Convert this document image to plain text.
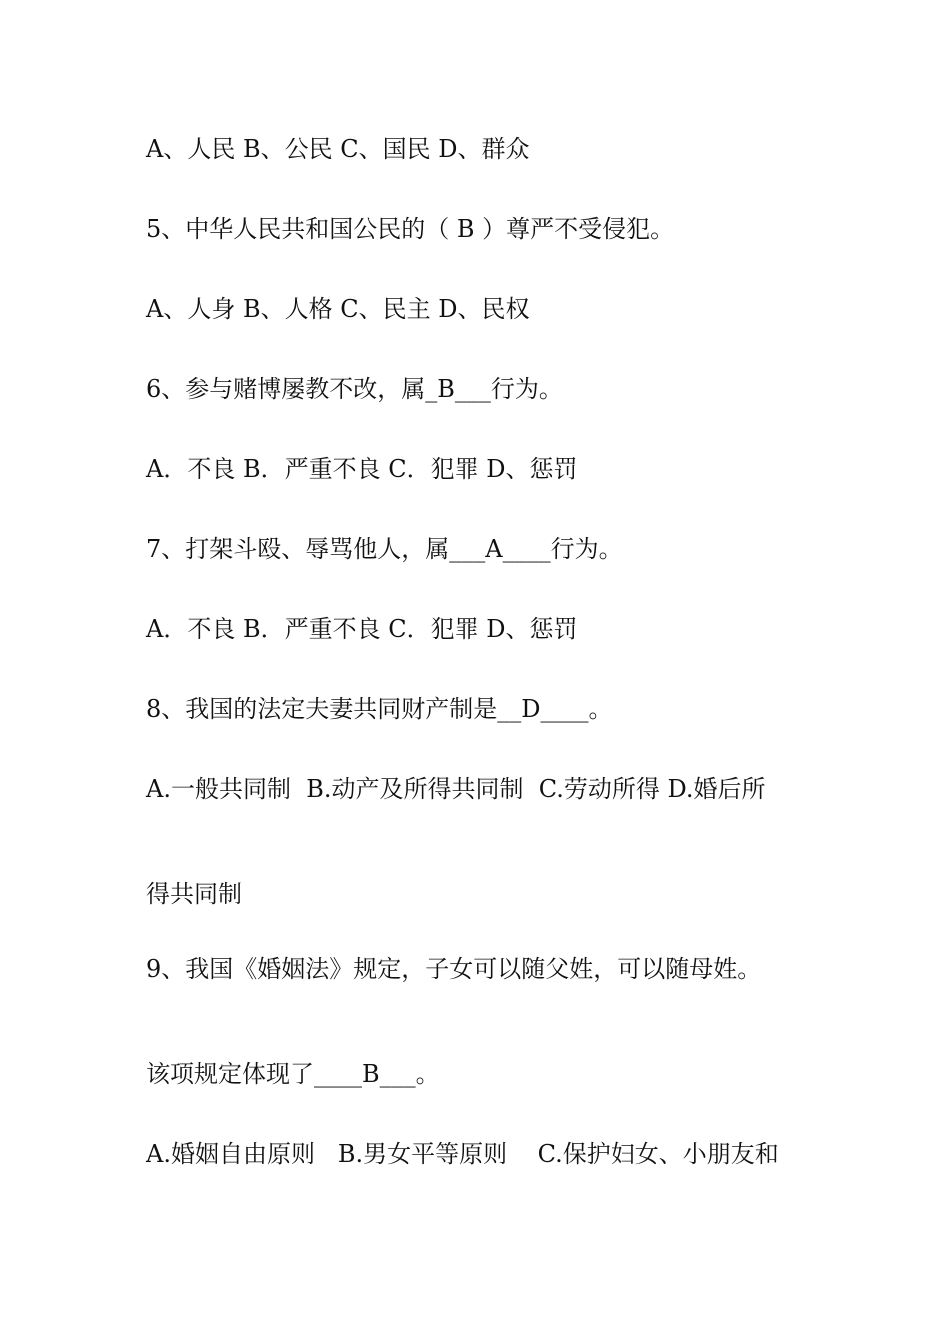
A、人民 B、公民 C、国民 D、群众

5、中华人民共和国公民的（ B ）尊严不受侵犯。

A、人身 B、人格 C、民主 D、民权

6、参与赌博屡教不改，属_B___行为。

A．不良 B．严重不良 C．犯罪 D、惩罚

7、打架斗殴、辱骂他人，属___A____行为。

A．不良 B．严重不良 C．犯罪 D、惩罚

8、我国的法定夫妻共同财产制是__D____。

A.一般共同制  B.动产及所得共同制  C.劳动所得 D.婚后所

得共同制

9、我国《婚姻法》规定，子女可以随父姓，可以随母姓。

该项规定体现了____B___。

A.婚姻自由原则   B.男女平等原则    C.保护妇女、小朋友和
